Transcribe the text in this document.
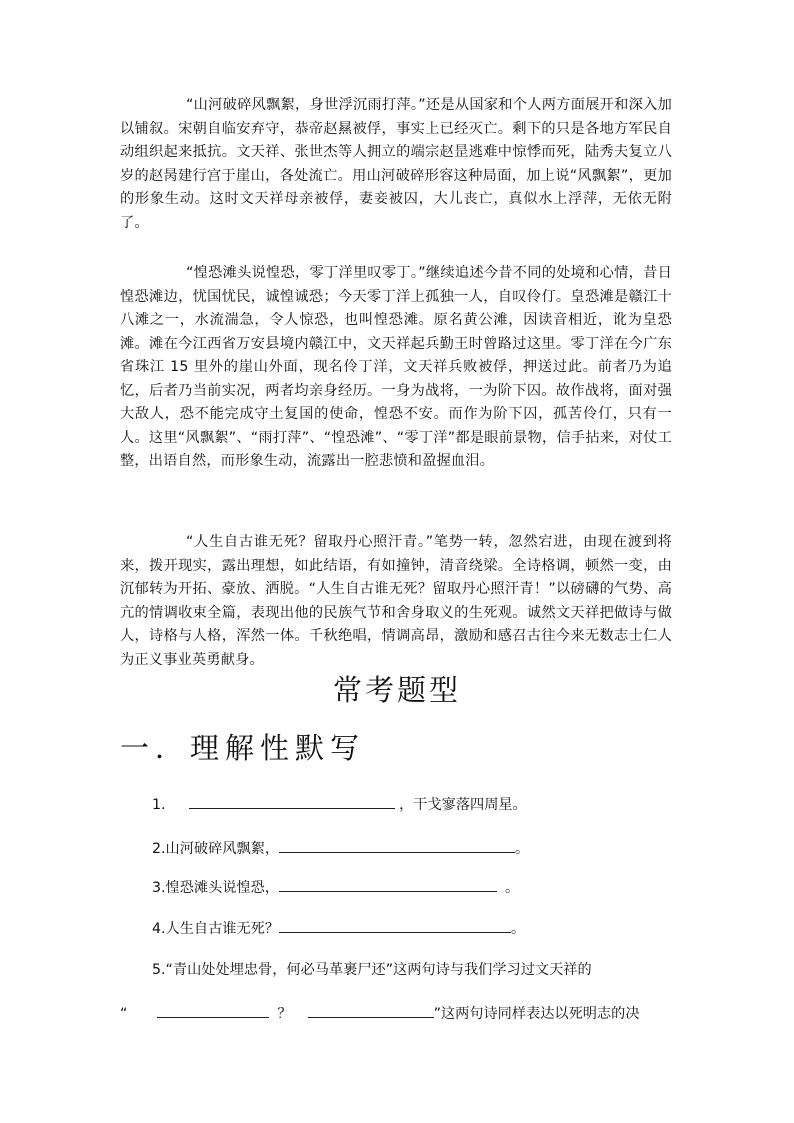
“山河破碎风飘絮，身世浮沉雨打萍。”还是从国家和个人两方面展开和深入加以铺叙。宋朝自临安弃守，恭帝赵㬎被俘，事实上已经灭亡。剩下的只是各地方军民自动组织起来抵抗。文天祥、张世杰等人拥立的端宗赵昰逃难中惊悸而死，陆秀夫复立八岁的赵昺建行宫于崖山，各处流亡。用山河破碎形容这种局面，加上说“风飘絮”，更加的形象生动。这时文天祥母亲被俘，妻妾被囚，大儿丧亡，真似水上浮萍，无依无附了。

“惶恐滩头说惶恐，零丁洋里叹零丁。”继续追述今昔不同的处境和心情，昔日惶恐滩边，忧国忧民，诚惶诚恐；今天零丁洋上孤独一人，自叹伶仃。皇恐滩是赣江十八滩之一，水流湍急，令人惊恐，也叫惶恐滩。原名黄公滩，因读音相近，讹为皇恐滩。滩在今江西省万安县境内赣江中，文天祥起兵勤王时曾路过这里。零丁洋在今广东省珠江 15 里外的崖山外面，现名伶丁洋，文天祥兵败被俘，押送过此。前者乃为追忆，后者乃当前实况，两者均亲身经历。一身为战将，一为阶下囚。故作战将，面对强大敌人，恐不能完成守土复国的使命，惶恐不安。而作为阶下囚，孤苦伶仃，只有一人。这里“风飘絮”、“雨打萍”、“惶恐滩”、“零丁洋”都是眼前景物，信手拈来，对仗工整，出语自然，而形象生动，流露出一腔悲愤和盈握血泪。

“人生自古谁无死？留取丹心照汗青。”笔势一转，忽然宕进，由现在渡到将来，拨开现实，露出理想，如此结语，有如撞钟，清音绕梁。全诗格调，顿然一变，由沉郁转为开拓、豪放、洒脱。“人生自古谁无死？留取丹心照汗青！”以磅礴的气势、高亢的情调收束全篇，表现出他的民族气节和舍身取义的生死观。诚然文天祥把做诗与做人，诗格与人格，浑然一体。千秋绝唱，情调高昂，激励和感召古往今来无数志士仁人为正义事业英勇献身。

常考题型
一．理解性默写
1.	，干戈寥落四周星。
2.山河破碎风飘絮，	。
3.惶恐滩头说惶恐，	。
4.人生自古谁无死？	。
5.“青山处处埋忠骨，何必马革裹尸还”这两句诗与我们学习过文天祥的
“	？	”这两句诗同样表达以死明志的决
